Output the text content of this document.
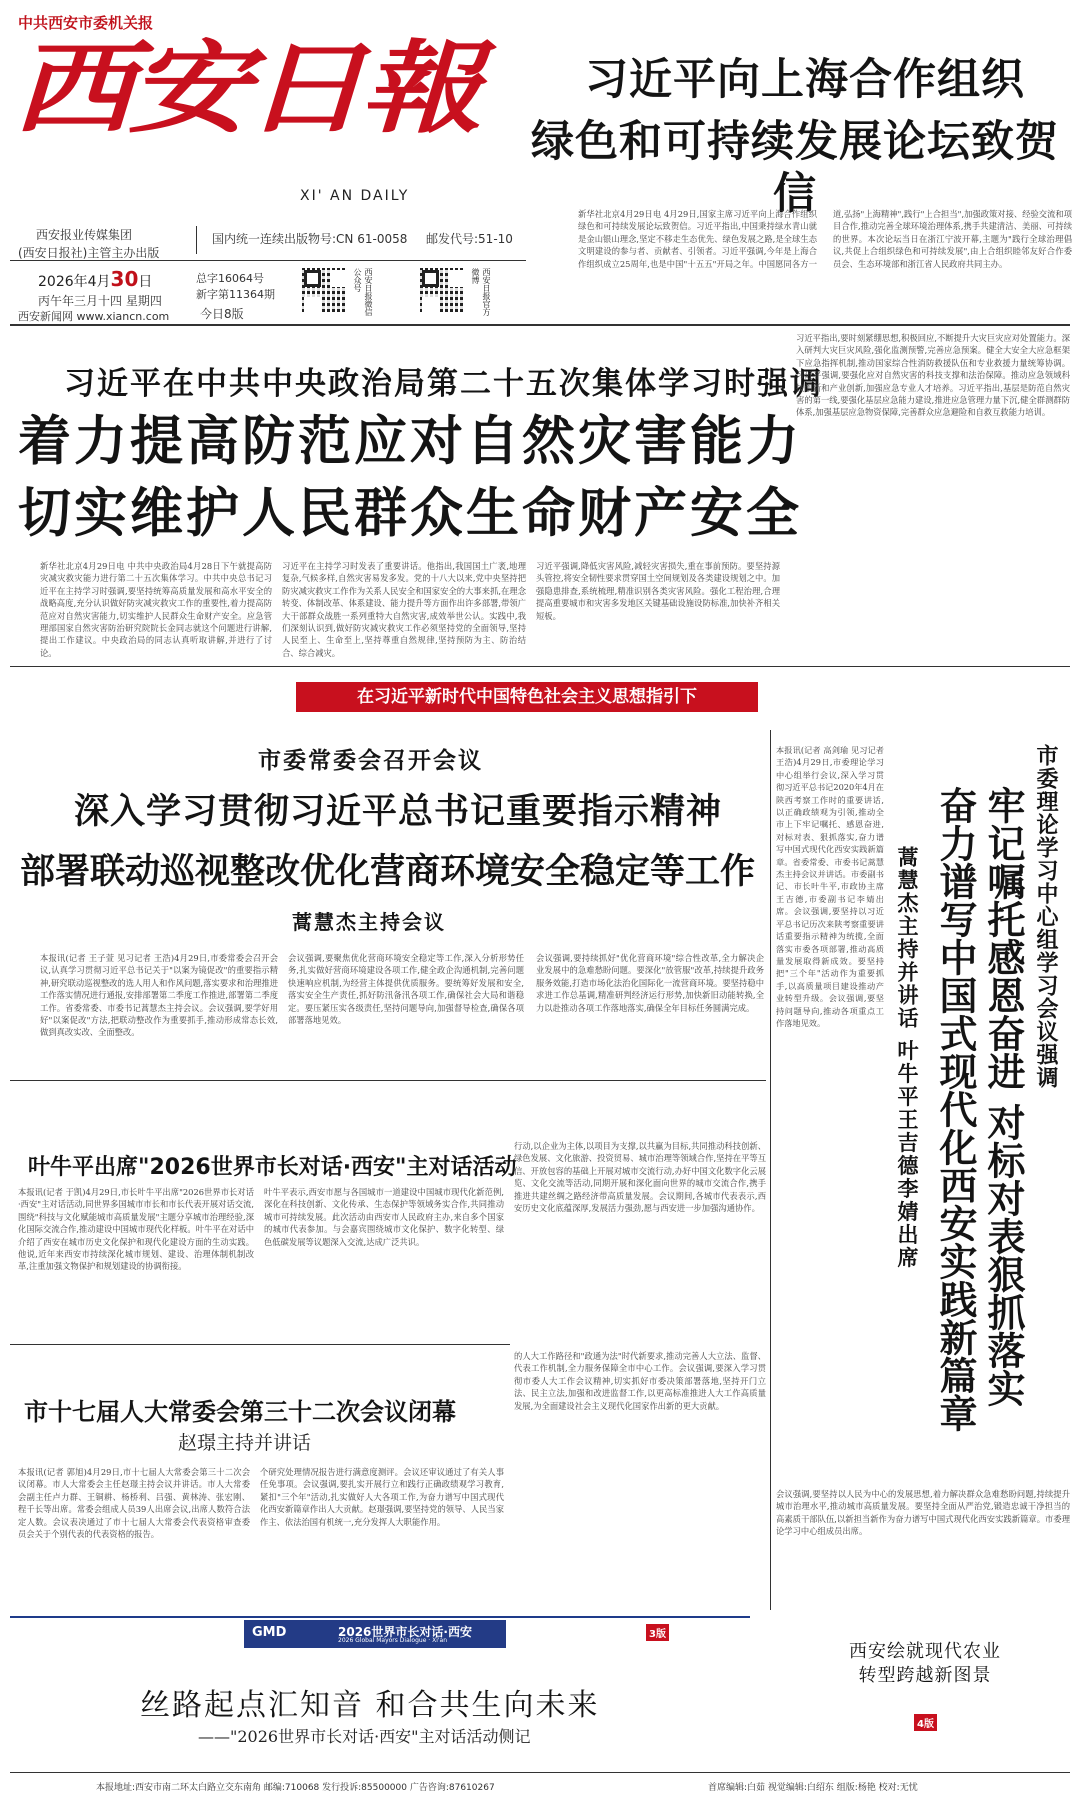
中共西安市委机关报
西安日報
XI' AN DAILY
西安报业传媒集团
(西安日报社)主管主办出版
国内统一连续出版物号:CN 61-0058 邮发代号:51-10
2026年4月30日
丙午年三月十四 星期四
西安新闻网 www.xiancn.com
总字16064号
新字第11364期
今日8版	西安日报微信公众号	西安日报官方微博
习近平向上海合作组织
绿色和可持续发展论坛致贺信
新华社北京4月29日电 4月29日,国家主席习近平向上海合作组织绿色和可持续发展论坛致贺信。习近平指出,中国秉持绿水青山就是金山银山理念,坚定不移走生态优先、绿色发展之路,是全球生态文明建设的参与者、贡献者、引领者。习近平强调,今年是上海合作组织成立25周年,也是中国"十五五"开局之年。中国愿同各方一道,弘扬"上海精神",践行"上合担当",加强政策对接、经验交流和项目合作,推动完善全球环境治理体系,携手共建清洁、美丽、可持续的世界。本次论坛当日在浙江宁波开幕,主题为"践行全球治理倡议,共促上合组织绿色和可持续发展",由上合组织睦邻友好合作委员会、生态环境部和浙江省人民政府共同主办。
习近平在中共中央政治局第二十五次集体学习时强调
着力提高防范应对自然灾害能力
切实维护人民群众生命财产安全
新华社北京4月29日电 中共中央政治局4月28日下午就提高防灾减灾救灾能力进行第二十五次集体学习。中共中央总书记习近平在主持学习时强调,要坚持统筹高质量发展和高水平安全的战略高度,充分认识做好防灾减灾救灾工作的重要性,着力提高防范应对自然灾害能力,切实维护人民群众生命财产安全。应急管理部国家自然灾害防治研究院院长金同志就这个问题进行讲解,提出工作建议。中央政治局的同志认真听取讲解,并进行了讨论。
习近平在主持学习时发表了重要讲话。他指出,我国国土广袤,地理复杂,气候多样,自然灾害易发多发。党的十八大以来,党中央坚持把防灾减灾救灾工作作为关系人民安全和国家安全的大事来抓,在理念转变、体制改革、体系建设、能力提升等方面作出许多部署,带领广大干部群众战胜一系列重特大自然灾害,成效举世公认。实践中,我们深刻认识到,做好防灾减灾救灾工作必须坚持党的全面领导,坚持人民至上、生命至上,坚持尊重自然规律,坚持预防为主、防治结合、综合减灾。
习近平强调,降低灾害风险,减轻灾害损失,重在事前预防。要坚持源头管控,将安全韧性要求贯穿国土空间规划及各类建设规划之中。加强隐患排查,系统梳理,精准识别各类灾害风险。强化工程治理,合理提高重要城市和灾害多发地区关键基础设施设防标准,加快补齐相关短板。
习近平指出,要时刻紧绷思想,积极回应,不断提升大灾巨灾应对处置能力。深入研判大灾巨灾风险,强化监测预警,完善应急预案。健全大安全大应急框架下应急指挥机制,推动国家综合性消防救援队伍和专业救援力量统筹协调。习近平强调,要强化应对自然灾害的科技支撑和法治保障。推动应急领域科技创新和产业创新,加强应急专业人才培养。习近平指出,基层是防范自然灾害的第一线,要强化基层应急能力建设,推进应急管理力量下沉,健全群测群防体系,加强基层应急物资保障,完善群众应急避险和自救互救能力培训。
在习近平新时代中国特色社会主义思想指引下
市委常委会召开会议
深入学习贯彻习近平总书记重要指示精神
部署联动巡视整改优化营商环境安全稳定等工作
蒿慧杰主持会议
本报讯(记者 王子萱 见习记者 王浩)4月29日,市委常委会召开会议,认真学习贯彻习近平总书记关于"以案为镜促改"的重要指示精神,研究联动巡视整改的选人用人和作风问题,落实要求和治理推进工作落实情况进行通报,安排部署第二季度工作推进,部署第二季度工作。省委常委、市委书记蒿慧杰主持会议。会议强调,要学好用好"以案促改"方法,把联动整改作为重要抓手,推动形成常态长效,做到真改实改、全面整改。
会议强调,要聚焦优化营商环境安全稳定等工作,深入分析形势任务,扎实做好营商环境建设各项工作,健全政企沟通机制,完善问题快速响应机制,为经营主体提供优质服务。要统筹好发展和安全,落实安全生产责任,抓好防汛备汛各项工作,确保社会大局和谐稳定。要压紧压实各级责任,坚持问题导向,加强督导检查,确保各项部署落地见效。
会议强调,要持续抓好"优化营商环境"综合性改革,全力解决企业发展中的急难愁盼问题。要深化"放管服"改革,持续提升政务服务效能,打造市场化法治化国际化一流营商环境。要坚持稳中求进工作总基调,精准研判经济运行形势,加快新旧动能转换,全力以赴推动各项工作落地落实,确保全年目标任务圆满完成。
本报讯(记者 高剑瑜 见习记者 王浩)4月29日,市委理论学习中心组举行会议,深入学习贯彻习近平总书记2020年4月在陕西考察工作时的重要讲话,以正确政绩观为引领,推动全市上下牢记嘱托、感恩奋进,对标对表、狠抓落实,奋力谱写中国式现代化西安实践新篇章。省委常委、市委书记蒿慧杰主持会议并讲话。市委副书记、市长叶牛平,市政协主席王吉德,市委副书记李婧出席。会议强调,要坚持以习近平总书记历次来陕考察重要讲话重要指示精神为统揽,全面落实市委各项部署,推动高质量发展取得新成效。要坚持把"三个年"活动作为重要抓手,以高质量项目建设推动产业转型升级。会议强调,要坚持问题导向,推动各项重点工作落地见效。	市委理论学习中心组学习会议强调
牢记嘱托感恩奋进 对标对表狠抓落实
奋力谱写中国式现代化西安实践新篇章
蒿慧杰主持并讲话 叶牛平王吉德李婧出席
会议强调,要坚持以人民为中心的发展思想,着力解决群众急难愁盼问题,持续提升城市治理水平,推动城市高质量发展。要坚持全面从严治党,锻造忠诚干净担当的高素质干部队伍,以新担当新作为奋力谱写中国式现代化西安实践新篇章。市委理论学习中心组成员出席。
叶牛平出席"2026世界市长对话·西安"主对话活动
本报讯(记者 于凯)4月29日,市长叶牛平出席"2026世界市长对话·西安"主对话活动,同世界多国城市市长和市长代表开展对话交流,围绕"科技与文化赋能城市高质量发展"主题分享城市治理经验,深化国际交流合作,推动建设中国城市现代化样板。叶牛平在对话中介绍了西安在城市历史文化保护和现代化建设方面的生动实践。他说,近年来西安市持续深化城市规划、建设、治理体制机制改革,注重加强文物保护和规划建设的协调衔接。
叶牛平表示,西安市愿与各国城市一道建设中国城市现代化新范例,深化在科技创新、文化传承、生态保护等领域务实合作,共同推动城市可持续发展。此次活动由西安市人民政府主办,来自多个国家的城市代表参加。与会嘉宾围绕城市文化保护、数字化转型、绿色低碳发展等议题深入交流,达成广泛共识。
行动,以企业为主体,以项目为支撑,以共赢为目标,共同推动科技创新、绿色发展、文化旅游、投资贸易、城市治理等领域合作,坚持在平等互信、开放包容的基础上开展对城市交流行动,办好中国文化数字化云展览、文化交流等活动,同期开展和深化面向世界的城市交流合作,携手推进共建丝绸之路经济带高质量发展。会议期间,各城市代表表示,西安历史文化底蕴深厚,发展活力强劲,愿与西安进一步加强沟通协作。
市十七届人大常委会第三十二次会议闭幕
赵璟主持并讲话
本报讯(记者 郭旭)4月29日,市十七届人大常委会第三十二次会议闭幕。市人大常委会主任赵璟主持会议并讲话。市人大常委会副主任卢力群、王铜耕、杨桥利、吕强、黄林涛、张宏刚、程千长等出席。常委会组成人员39人出席会议,出席人数符合法定人数。会议表决通过了市十七届人大常委会代表资格审查委员会关于个别代表的代表资格的报告。
个研究处理情况报告进行满意度测评。会议还审议通过了有关人事任免事项。会议强调,要扎实开展行立和践行正确政绩观学习教育,紧扣"三个年"活动,扎实做好人大各项工作,为奋力谱写中国式现代化西安新篇章作出人大贡献。赵璟强调,要坚持党的领导、人民当家作主、依法治国有机统一,充分发挥人大职能作用。
的人大工作路径和"政通为法"时代新要求,推动完善人大立法、监督、代表工作机制,全力服务保障全市中心工作。会议强调,要深入学习贯彻市委人大工作会议精神,切实抓好市委决策部署落地,坚持开门立法、民主立法,加强和改进监督工作,以更高标准推进人大工作高质量发展,为全面建设社会主义现代化国家作出新的更大贡献。
GMD	2026世界市长对话·西安
2026 Global Mayors Dialogue · Xi'an
3版
丝路起点汇知音 和合共生向未来
——"2026世界市长对话·西安"主对话活动侧记
西安绘就现代农业
转型跨越新图景
4版
本报地址:西安市南二环太白路立交东南角 邮编:710068 发行投诉:85500000 广告咨询:87610267	首席编辑:白茹 视觉编辑:白绍东 组版:杨艳 校对:无忧
